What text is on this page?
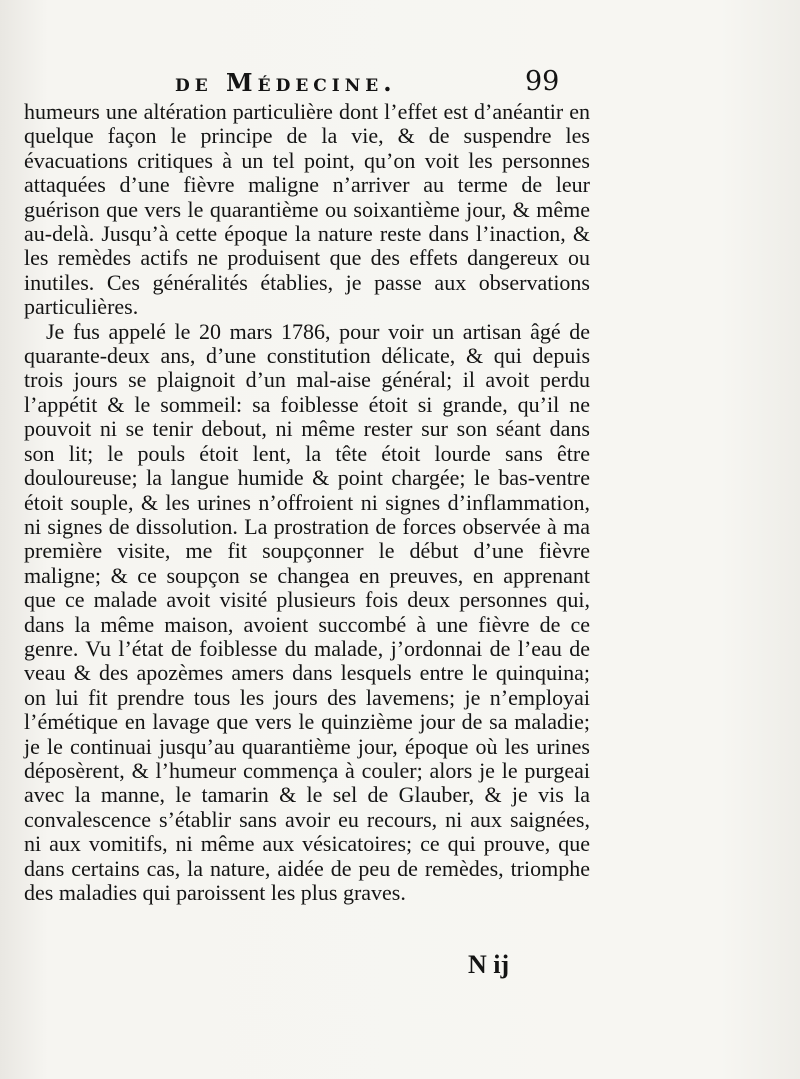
de Médecine.	99

humeurs une altération particulière dont l’effet est d’anéantir en quelque façon le principe de la vie, & de suspendre les évacuations critiques à un tel point, qu’on voit les personnes attaquées d’une fièvre maligne n’arriver au terme de leur guérison que vers le quarantième ou soixantième jour, & même au-delà. Jusqu’à cette époque la nature reste dans l’inaction, & les remèdes actifs ne produisent que des effets dangereux ou inutiles. Ces généralités établies, je passe aux observations particulières.

Je fus appelé le 20 mars 1786, pour voir un artisan âgé de quarante-deux ans, d’une constitution délicate, & qui depuis trois jours se plaignoit d’un mal-aise général; il avoit perdu l’appétit & le sommeil: sa foiblesse étoit si grande, qu’il ne pouvoit ni se tenir debout, ni même rester sur son séant dans son lit; le pouls étoit lent, la tête étoit lourde sans être douloureuse; la langue humide & point chargée; le bas-ventre étoit souple, & les urines n’offroient ni signes d’inflammation, ni signes de dissolution. La prostration de forces observée à ma première visite, me fit soupçonner le début d’une fièvre maligne; & ce soupçon se changea en preuves, en apprenant que ce malade avoit visité plusieurs fois deux personnes qui, dans la même maison, avoient succombé à une fièvre de ce genre. Vu l’état de foiblesse du malade, j’ordonnai de l’eau de veau & des apozèmes amers dans lesquels entre le quinquina; on lui fit prendre tous les jours des lavemens; je n’employai l’émétique en lavage que vers le quinzième jour de sa maladie; je le continuai jusqu’au quarantième jour, époque où les urines déposèrent, & l’humeur commença à couler; alors je le purgeai avec la manne, le tamarin & le sel de Glauber, & je vis la convalescence s’établir sans avoir eu recours, ni aux saignées, ni aux vomitifs, ni même aux vésicatoires; ce qui prouve, que dans certains cas, la nature, aidée de peu de remèdes, triomphe des maladies qui paroissent les plus graves.

N ij
